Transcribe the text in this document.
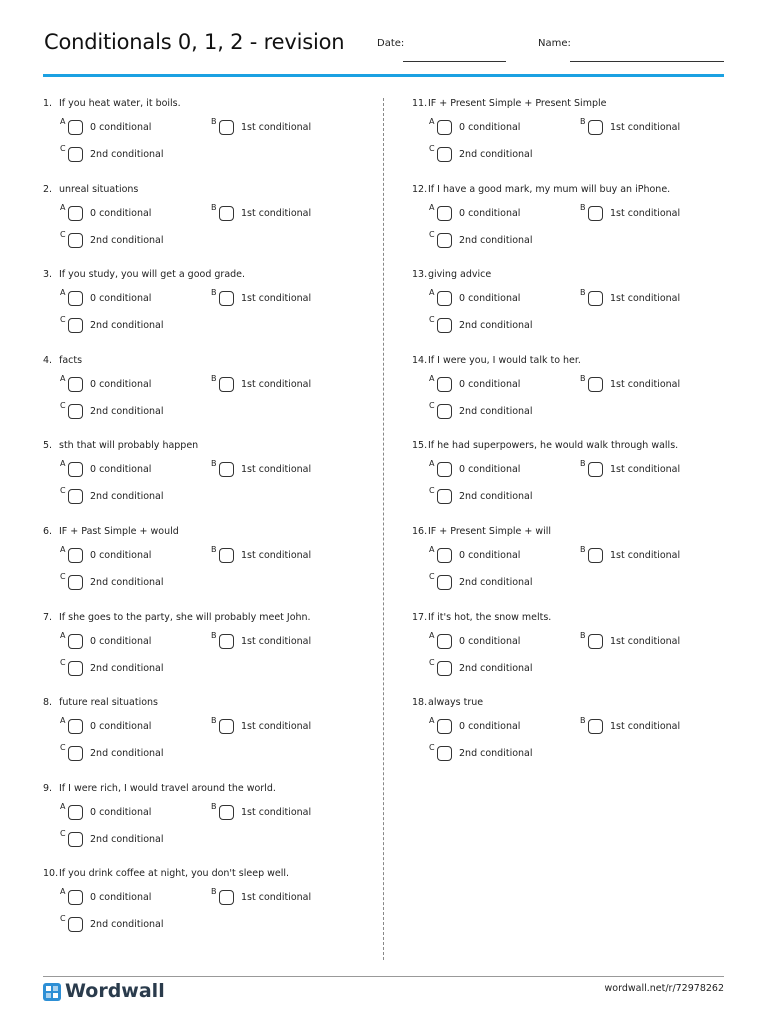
Conditionals 0, 1, 2 - revision	Date:	Name:
1. If you heat water, it boils.
A
0 conditional
B
1st conditional
C
2nd conditional
2. unreal situations
A
0 conditional
B
1st conditional
C
2nd conditional
3. If you study, you will get a good grade.
A
0 conditional
B
1st conditional
C
2nd conditional
4. facts
A
0 conditional
B
1st conditional
C
2nd conditional
5. sth that will probably happen
A
0 conditional
B
1st conditional
C
2nd conditional
6. IF + Past Simple + would
A
0 conditional
B
1st conditional
C
2nd conditional
7. If she goes to the party, she will probably meet John.
A
0 conditional
B
1st conditional
C
2nd conditional
8. future real situations
A
0 conditional
B
1st conditional
C
2nd conditional
9. If I were rich, I would travel around the world.
A
0 conditional
B
1st conditional
C
2nd conditional
10.If you drink coffee at night, you don't sleep well.
A
0 conditional
B
1st conditional
C
2nd conditional
11.IF + Present Simple + Present Simple
A
0 conditional
B
1st conditional
C
2nd conditional
12.If I have a good mark, my mum will buy an iPhone.
A
0 conditional
B
1st conditional
C
2nd conditional
13.giving advice
A
0 conditional
B
1st conditional
C
2nd conditional
14.If I were you, I would talk to her.
A
0 conditional
B
1st conditional
C
2nd conditional
15.If he had superpowers, he would walk through walls.
A
0 conditional
B
1st conditional
C
2nd conditional
16.IF + Present Simple + will
A
0 conditional
B
1st conditional
C
2nd conditional
17.If it's hot, the snow melts.
A
0 conditional
B
1st conditional
C
2nd conditional
18.always true
A
0 conditional
B
1st conditional
C
2nd conditional
Wordwall	wordwall.net/r/72978262
